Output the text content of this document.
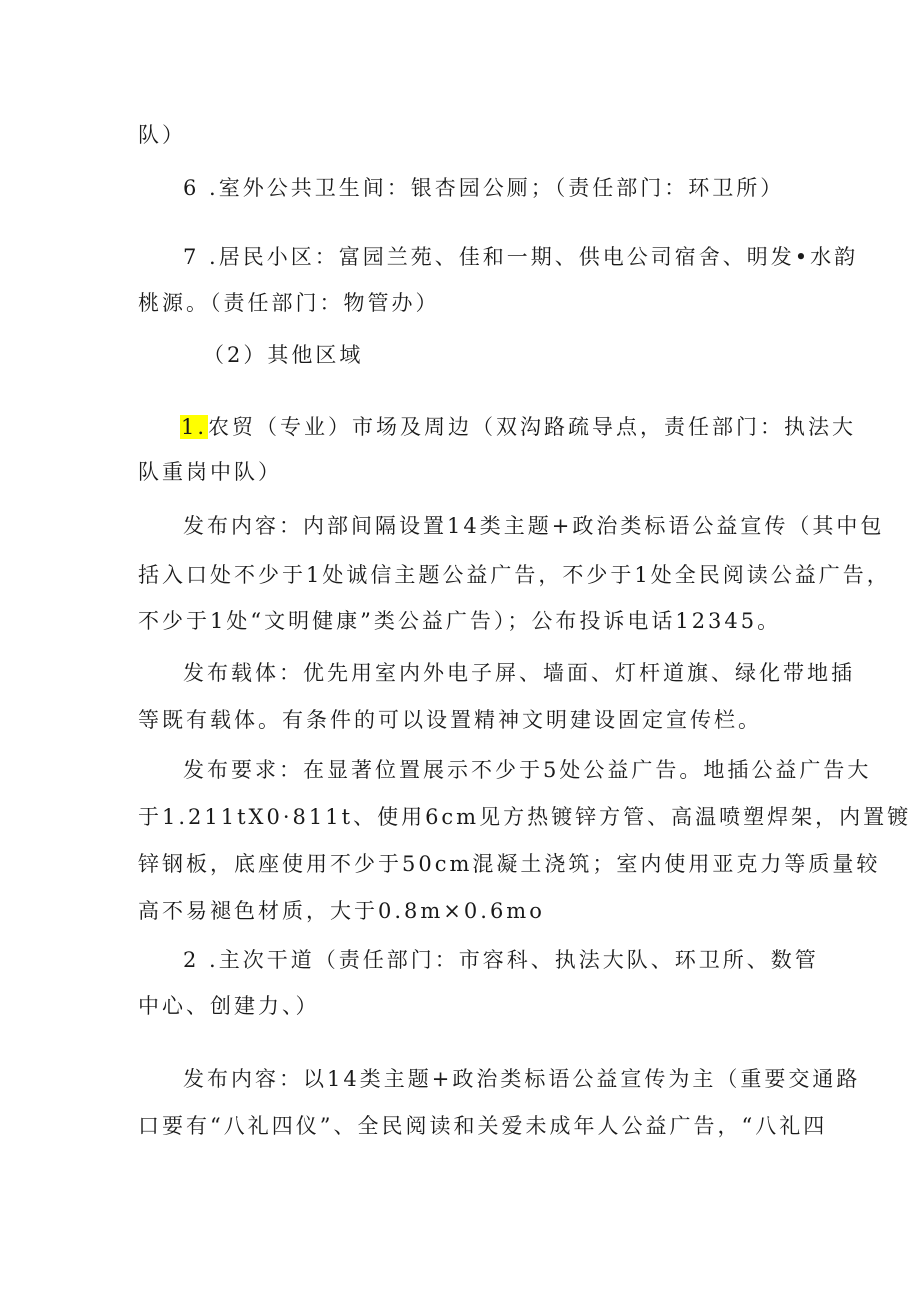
队）
6 .室外公共卫生间：银杏园公厕；（责任部门：环卫所）
7 .居民小区：富园兰苑、佳和一期、供电公司宿舍、明发•水韵
桃源。（责任部门：物管办）
（2）其他区域
1.农贸（专业）市场及周边（双沟路疏导点，责任部门：执法大
队重岗中队）
发布内容：内部间隔设置14类主题+政治类标语公益宣传（其中包
括入口处不少于1处诚信主题公益广告，不少于1处全民阅读公益广告，
不少于1处“文明健康”类公益广告）；公布投诉电话12345。
发布载体：优先用室内外电子屏、墙面、灯杆道旗、绿化带地插
等既有载体。有条件的可以设置精神文明建设固定宣传栏。
发布要求：在显著位置展示不少于5处公益广告。地插公益广告大
于1.211tX0·811t、使用6cm见方热镀锌方管、高温喷塑焊架，内置镀
锌钢板，底座使用不少于50cm混凝土浇筑；室内使用亚克力等质量较
高不易褪色材质，大于0.8m×0.6mo
2 .主次干道（责任部门：市容科、执法大队、环卫所、数管
中心、创建力、）
发布内容：以14类主题+政治类标语公益宣传为主（重要交通路
口要有“八礼四仪”、全民阅读和关爱未成年人公益广告，“八礼四
